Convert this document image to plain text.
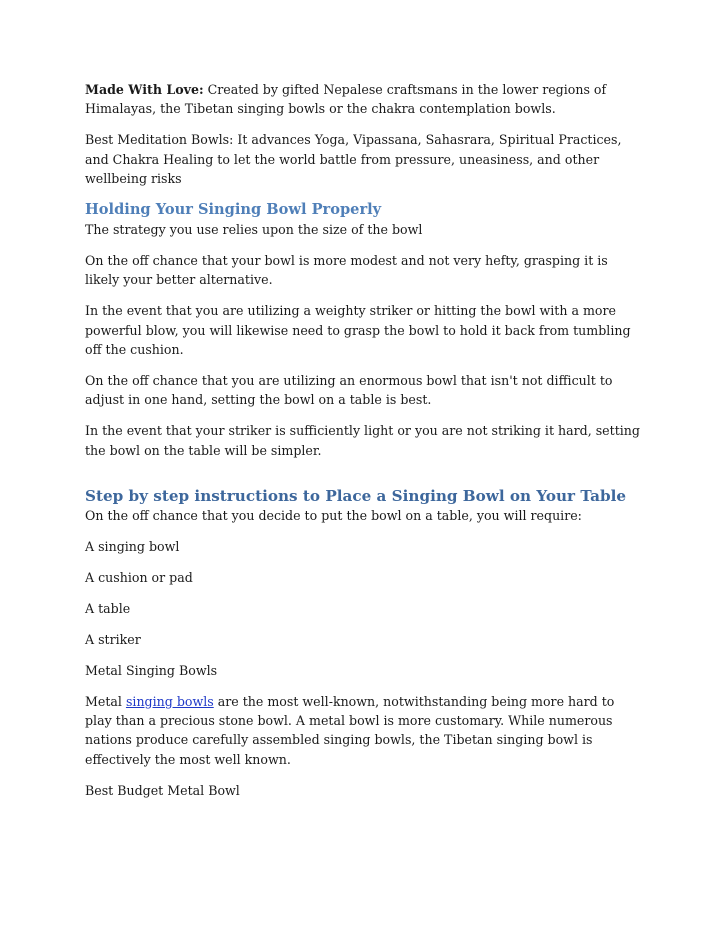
Made With Love: Created by gifted Nepalese craftsmans in the lower regions of Himalayas, the Tibetan singing bowls or the chakra contemplation bowls.

Best Meditation Bowls: It advances Yoga, Vipassana, Sahasrara, Spiritual Practices, and Chakra Healing to let the world battle from pressure, uneasiness, and other wellbeing risks

Holding Your Singing Bowl Properly

The strategy you use relies upon the size of the bowl

On the off chance that your bowl is more modest and not very hefty, grasping it is likely your better alternative.

In the event that you are utilizing a weighty striker or hitting the bowl with a more powerful blow, you will likewise need to grasp the bowl to hold it back from tumbling off the cushion.

On the off chance that you are utilizing an enormous bowl that isn't not difficult to adjust in one hand, setting the bowl on a table is best.

In the event that your striker is sufficiently light or you are not striking it hard, setting the bowl on the table will be simpler.

Step by step instructions to Place a Singing Bowl on Your Table

On the off chance that you decide to put the bowl on a table, you will require:

A singing bowl

A cushion or pad

A table

A striker

Metal Singing Bowls

Metal singing bowls are the most well-known, notwithstanding being more hard to play than a precious stone bowl. A metal bowl is more customary. While numerous nations produce carefully assembled singing bowls, the Tibetan singing bowl is effectively the most well known.

Best Budget Metal Bowl
